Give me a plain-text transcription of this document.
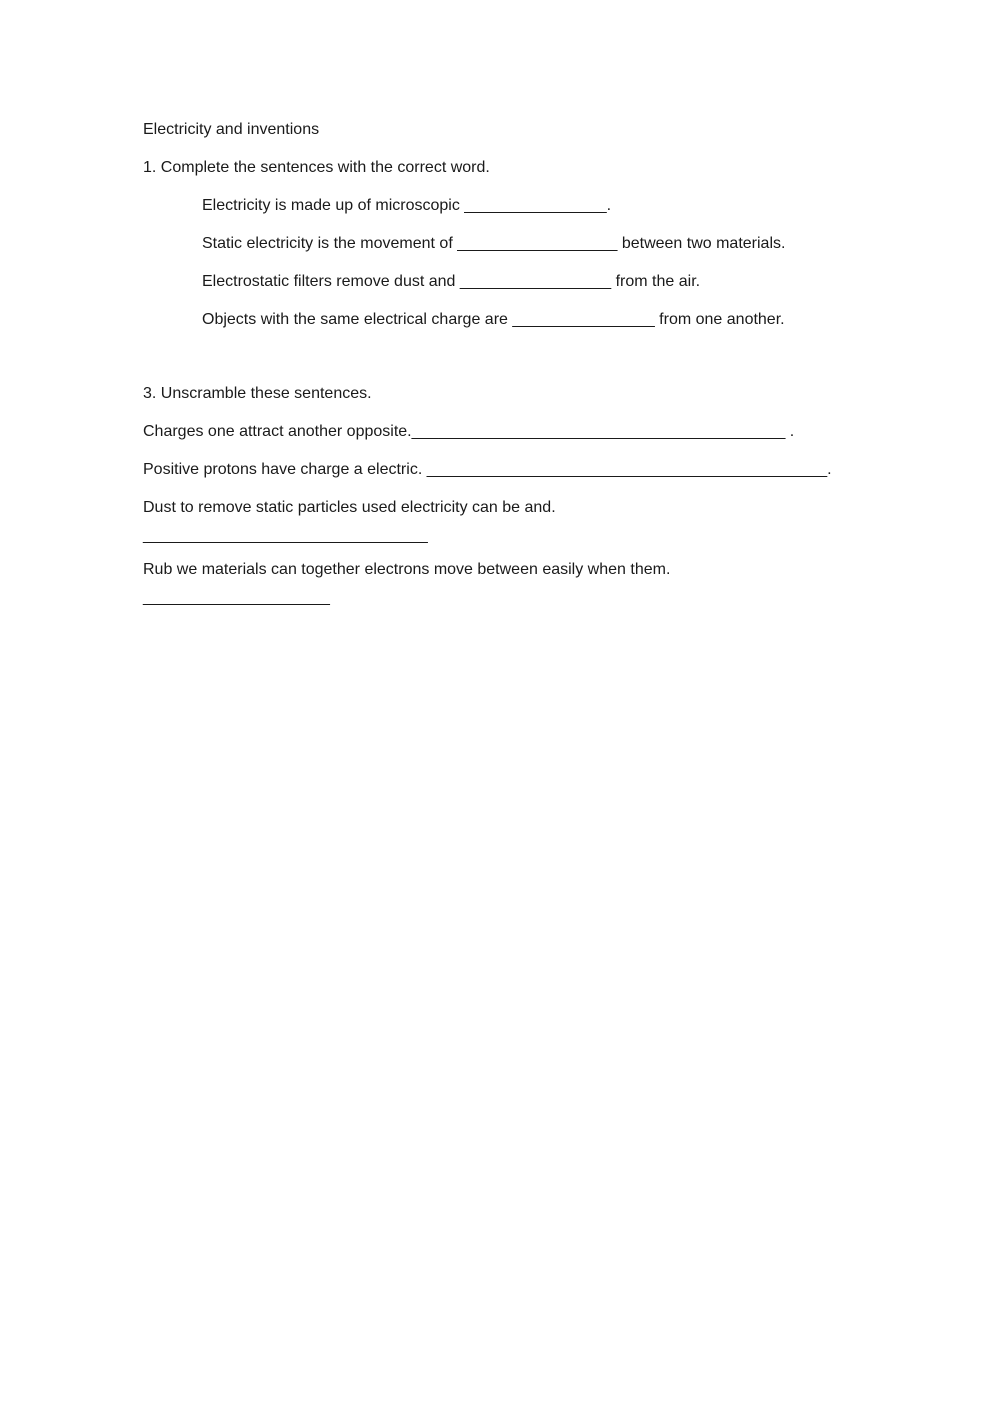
Electricity and inventions
1. Complete the sentences with the correct word.
Electricity is made up of microscopic ________________.
Static electricity is the movement of __________________ between two materials.
Electrostatic filters remove dust and _________________ from the air.
Objects with the same electrical charge are ________________ from one another.
3. Unscramble these sentences.
Charges one attract another opposite.__________________________________________ .
Positive protons have charge a electric. _____________________________________________.
Dust to remove static particles used electricity can be and.
________________________________
Rub we materials can together electrons move between easily when them.
_____________________
